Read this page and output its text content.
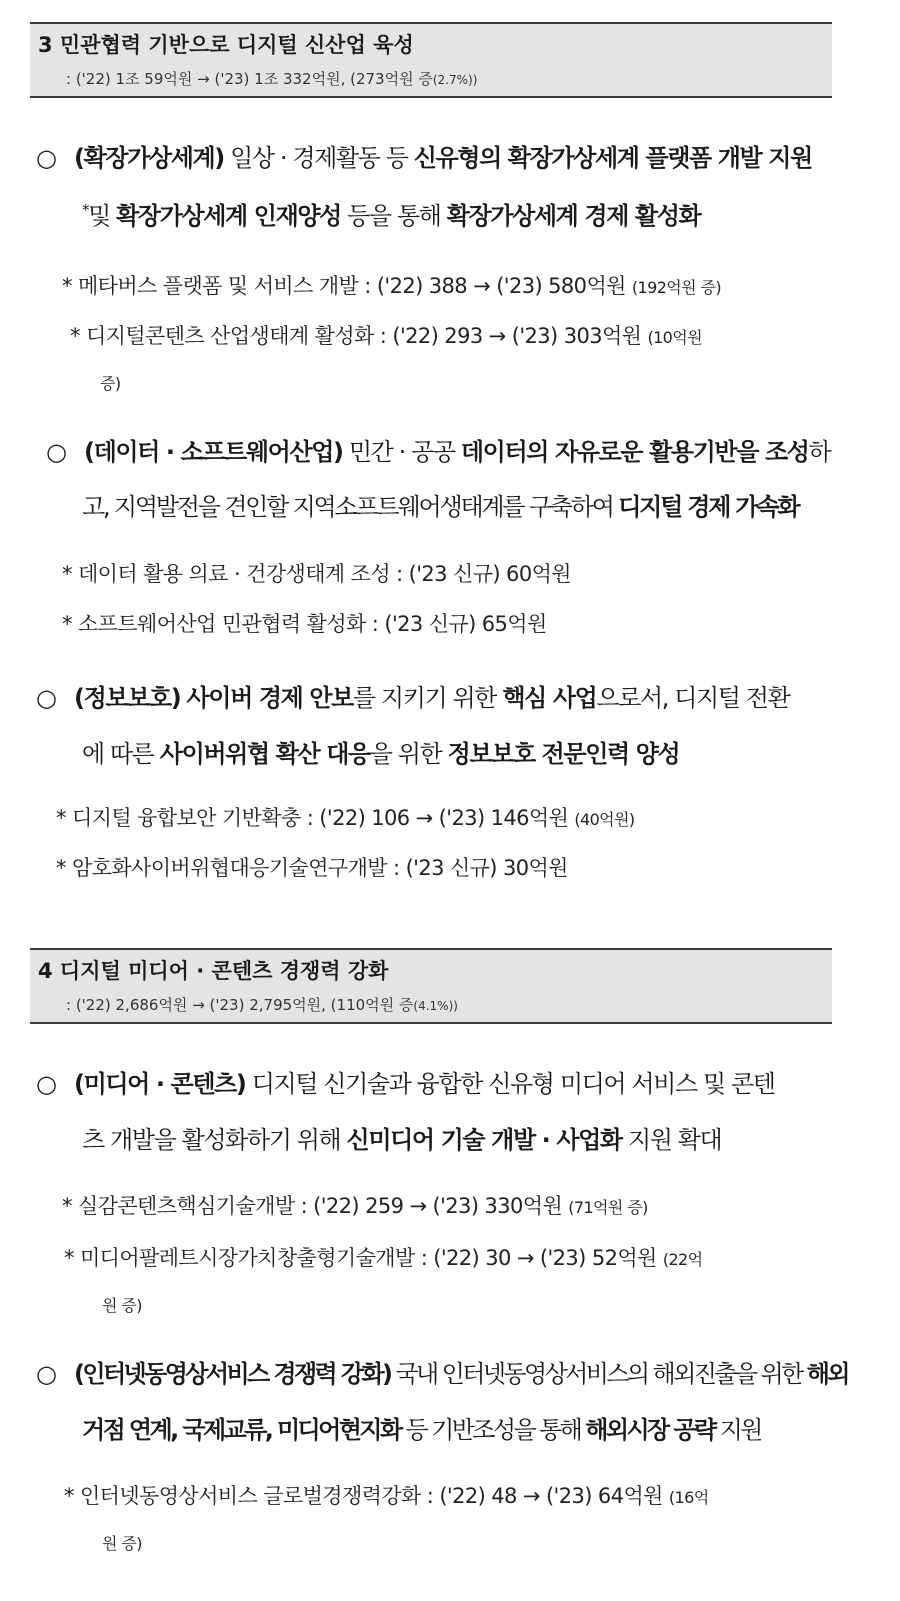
3 민관협력 기반으로 디지털 신산업 육성
: ('22) 1조 59억원 → ('23) 1조 332억원, (273억원 증(2.7%))
○ (확장가상세계) 일상 · 경제활동 등 신유형의 확장가상세계 플랫폼 개발 지원
*및 확장가상세계 인재양성 등을 통해 확장가상세계 경제 활성화
* 메타버스 플랫폼 및 서비스 개발 : ('22) 388 → ('23) 580억원 (192억원 증)
* 디지털콘텐츠 산업생태계 활성화 : ('22) 293 → ('23) 303억원 (10억원
증)
○ (데이터 · 소프트웨어산업) 민간 · 공공 데이터의 자유로운 활용기반을 조성하
고, 지역발전을 견인할 지역소프트웨어생태계를 구축하여 디지털 경제 가속화
* 데이터 활용 의료 · 건강생태계 조성 : ('23 신규) 60억원
* 소프트웨어산업 민관협력 활성화 : ('23 신규) 65억원
○ (정보보호) 사이버 경제 안보를 지키기 위한 핵심 사업으로서, 디지털 전환
에 따른 사이버위협 확산 대응을 위한 정보보호 전문인력 양성
* 디지털 융합보안 기반확충 : ('22) 106 → ('23) 146억원 (40억원)
* 암호화사이버위협대응기술연구개발 : ('23 신규) 30억원
4 디지털 미디어 · 콘텐츠 경쟁력 강화
: ('22) 2,686억원 → ('23) 2,795억원, (110억원 증(4.1%))
○ (미디어 · 콘텐츠) 디지털 신기술과 융합한 신유형 미디어 서비스 및 콘텐
츠 개발을 활성화하기 위해 신미디어 기술 개발 · 사업화 지원 확대
* 실감콘텐츠핵심기술개발 : ('22) 259 → ('23) 330억원 (71억원 증)
* 미디어팔레트시장가치창출형기술개발 : ('22) 30 → ('23) 52억원 (22억
원 증)
○ (인터넷동영상서비스 경쟁력 강화) 국내 인터넷동영상서비스의 해외진출을 위한 해외
거점 연계, 국제교류, 미디어현지화 등 기반조성을 통해 해외시장 공략 지원
* 인터넷동영상서비스 글로벌경쟁력강화 : ('22) 48 → ('23) 64억원 (16억
원 증)
